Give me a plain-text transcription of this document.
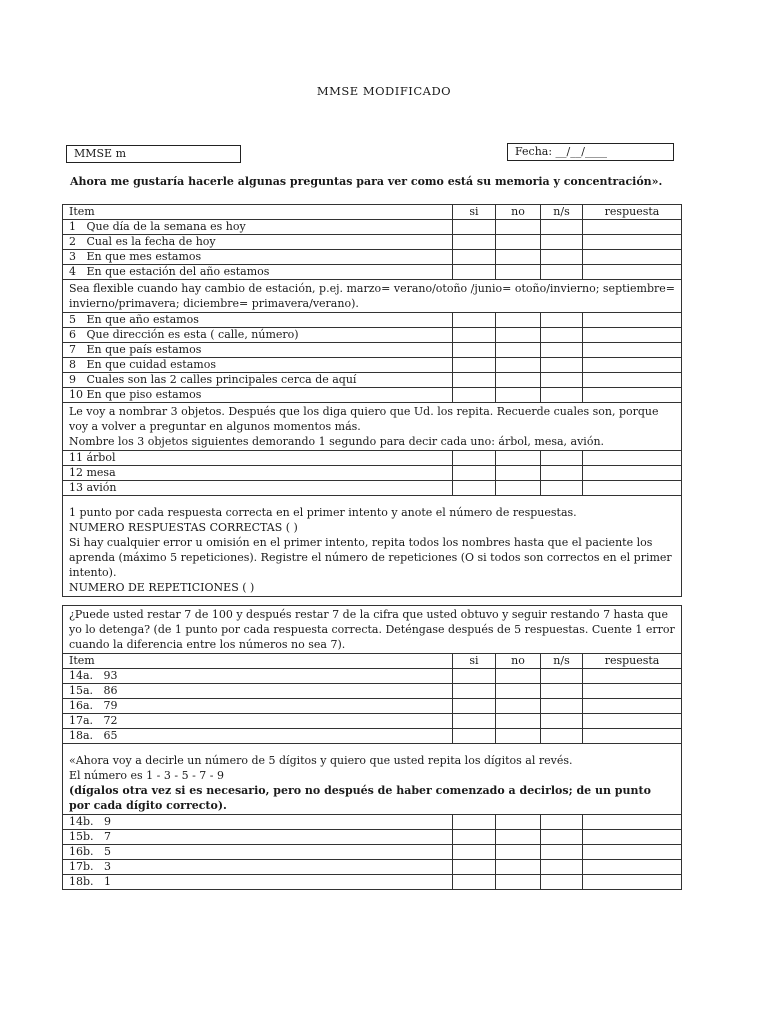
MMSE MODIFICADO
MMSE m	Fecha: __/__/____
Ahora me gustaría hacerle algunas preguntas para ver como está su memoria y concentración».
Item	si	no	n/s	respuesta
1 Que día de la semana es hoy				
2 Cual es la fecha de hoy				
3 En que mes estamos				
4 En que estación del año estamos				
Sea flexible cuando hay cambio de estación, p.ej. marzo= verano/otoño /junio= otoño/invierno; septiembre= invierno/primavera; diciembre= primavera/verano).				
5 En que año estamos				
6 Que dirección es esta ( calle, número)				
7 En que país estamos				
8 En que cuidad estamos				
9 Cuales son las 2 calles principales cerca de aquí				
10 En que piso estamos				

Le voy a nombrar 3 objetos. Después que los diga quiero que Ud. los repita. Recuerde cuales son, porque voy a volver a preguntar en algunos momentos más.
Nombre los 3 objetos siguientes demorando 1 segundo para decir cada uno: árbol, mesa, avión.				

11 árbol				
12 mesa				
13 avión				

1 punto por cada respuesta correcta en el primer intento y anote el número de respuestas.
NUMERO RESPUESTAS CORRECTAS ( )
Si hay cualquier error u omisión en el primer intento, repita todos los nombres hasta que el paciente los aprenda (máximo 5 repeticiones). Registre el número de repeticiones (O si todos son correctos en el primer intento).
NUMERO DE REPETICIONES ( )				
¿Puede usted restar 7 de 100 y después restar 7 de la cifra que usted obtuvo y seguir restando 7 hasta que yo lo detenga? (de 1 punto por cada respuesta correcta. Deténgase después de 5 respuestas. Cuente 1 error cuando la diferencia entre los números no sea 7).				
Item	si	no	n/s	respuesta
14a.   93				
15a.   86				
16a.   79				
17a.   72				
18a.   65				

«Ahora voy a decirle un número de 5 dígitos y quiero que usted repita los dígitos al revés.
El número es 1 - 3 - 5 - 7 - 9
(dígalos otra vez si es necesario, pero no después de haber comenzado a decirlos; de un punto por cada dígito correcto).				

14b.   9				
15b.   7				
16b.   5				
17b.   3				
18b.   1				
